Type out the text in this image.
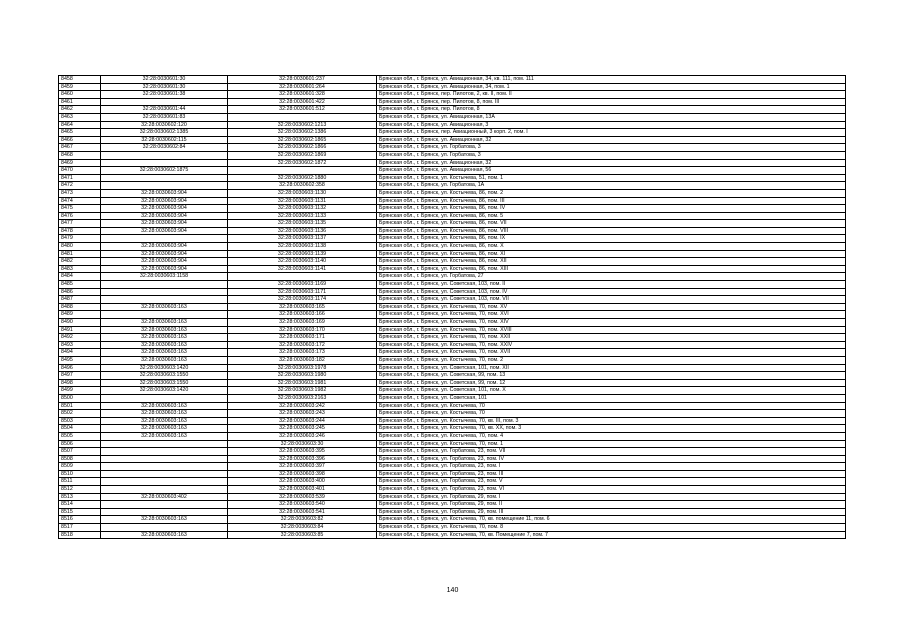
8458	32:28:0030601:30	32:28:0030601:237	Брянская обл., г. Брянск, ул. Авиационная, 34, кв. 111, пом. 111
8459	32:28:0030601:30	32:28:0030601:264	Брянская обл., г. Брянск, ул. Авиационная, 34, пом. 1
8460	32:28:0030601:38	32:28:0030601:328	Брянская обл., г. Брянск, пер. Пилотов, 2, кв. II, пом. II
8461		32:28:0030601:422	Брянская обл., г. Брянск, пер. Пилотов, 8, пом. III
8462	32:28:0030601:44	32:28:0030601:512	Брянская обл., г. Брянск, пер. Пилотов, 8
8463	32:28:0030601:83		Брянская обл., г. Брянск, ул. Авиационная, 13А
8464	32:28:0030602:120	32:28:0030602:1213	Брянская обл., г. Брянск, ул. Авиационная, 3
8465	32:28:0030602:1385	32:28:0030602:1386	Брянская обл., г. Брянск, пер. Авиационный, 3 корп. 2, пом. I
8466	32:28:0030602:115	32:28:0030602:1865	Брянская обл., г. Брянск, ул. Авиационная, 32
8467	32:28:0030602:84	32:28:0030602:1866	Брянская обл., г. Брянск, ул. Горбатова, 3
8468		32:28:0030602:1869	Брянская обл., г. Брянск, ул. Горбатова, 3
8469		32:28:0030602:1872	Брянская обл., г. Брянск, ул. Авиационная, 32
8470	32:28:0030602:1875		Брянская обл., г. Брянск, ул. Авиационная, 56
8471		32:28:0030602:1880	Брянская обл., г. Брянск, ул. Костычева, 51, пом. 1
8472		32:28:0030602:358	Брянская обл., г. Брянск, ул. Горбатова, 1А
8473	32:28:0030603:904	32:28:0030603:1130	Брянская обл., г. Брянск, ул. Костычева, 86, пом. 2
8474	32:28:0030603:904	32:28:0030603:1131	Брянская обл., г. Брянск, ул. Костычева, 86, пом. III
8475	32:28:0030603:904	32:28:0030603:1132	Брянская обл., г. Брянск, ул. Костычева, 86, пом. IV
8476	32:28:0030603:904	32:28:0030603:1133	Брянская обл., г. Брянск, ул. Костычева, 86, пом. 5
8477	32:28:0030603:904	32:28:0030603:1135	Брянская обл., г. Брянск, ул. Костычева, 86, пом. VII
8478	32:28:0030603:904	32:28:0030603:1136	Брянская обл., г. Брянск, ул. Костычева, 86, пом. VIII
8479		32:28:0030603:1137	Брянская обл., г. Брянск, ул. Костычева, 86, пом. IX
8480	32:28:0030603:904	32:28:0030603:1138	Брянская обл., г. Брянск, ул. Костычева, 86, пом. X
8481	32:28:0030603:904	32:28:0030603:1139	Брянская обл., г. Брянск, ул. Костычева, 86, пом. XI
8482	32:28:0030603:904	32:28:0030603:1140	Брянская обл., г. Брянск, ул. Костычева, 86, пом. XII
8483	32:28:0030603:904	32:28:0030603:1141	Брянская обл., г. Брянск, ул. Костычева, 86, пом. XIII
8484	32:28:0030603:1158		Брянская обл., г. Брянск, ул. Горбатова, 27
8485		32:28:0030603:1169	Брянская обл., г. Брянск, ул. Советская, 103, пом. II
8486		32:28:0030603:1171	Брянская обл., г. Брянск, ул. Советская, 103, пом. IV
8487		32:28:0030603:1174	Брянская обл., г. Брянск, ул. Советская, 103, пом. VII
8488	32:28:0030603:163	32:28:0030603:165	Брянская обл., г. Брянск, ул. Костычева, 70, пом. XV
8489		32:28:0030603:166	Брянская обл., г. Брянск, ул. Костычева, 70, пом. XVI
8490	32:28:0030603:163	32:28:0030603:169	Брянская обл., г. Брянск, ул. Костычева, 70, пом. XIV
8491	32:28:0030603:163	32:28:0030603:170	Брянская обл., г. Брянск, ул. Костычева, 70, пом. XVIII
8492	32:28:0030603:163	32:28:0030603:171	Брянская обл., г. Брянск, ул. Костычева, 70, пом. XXII
8493	32:28:0030603:163	32:28:0030603:172	Брянская обл., г. Брянск, ул. Костычева, 70, пом. XXIV
8494	32:28:0030603:163	32:28:0030603:173	Брянская обл., г. Брянск, ул. Костычева, 70, пом. XVII
8495	32:28:0030603:163	32:28:0030603:182	Брянская обл., г. Брянск, ул. Костычева, 70, пом. 2
8496	32:28:0030603:1420	32:28:0030603:1978	Брянская обл., г. Брянск, ул. Советская, 101, пом. XII
8497	32:28:0030603:1550	32:28:0030603:1980	Брянская обл., г. Брянск, ул. Советская, 99, пом. 13
8498	32:28:0030603:1550	32:28:0030603:1981	Брянская обл., г. Брянск, ул. Советская, 99, пом. 12
8499	32:28:0030603:1420	32:28:0030603:1982	Брянская обл., г. Брянск, ул. Советская, 101, пом. X
8500		32:28:0030603:2163	Брянская обл., г. Брянск, ул. Советская, 101
8501	32:28:0030603:163	32:28:0030603:242	Брянская обл., г. Брянск, ул. Костычева, 70
8502	32:28:0030603:163	32:28:0030603:243	Брянская обл., г. Брянск, ул. Костычева, 70
8503	32:28:0030603:163	32:28:0030603:244	Брянская обл., г. Брянск, ул. Костычева, 70, кв. III, пом. 3
8504	32:28:0030603:163	32:28:0030603:245	Брянская обл., г. Брянск, ул. Костычева, 70, кв. XX, пом. 3
8505	32:28:0030603:163	32:28:0030603:246	Брянская обл., г. Брянск, ул. Костычева, 70, пом. 4
8506		32:28:0030603:30	Брянская обл., г. Брянск, ул. Костычева, 70, пом. 1
8507		32:28:0030603:395	Брянская обл., г. Брянск, ул. Горбатова, 23, пом. VII
8508		32:28:0030603:396	Брянская обл., г. Брянск, ул. Горбатова, 23, пом. IV
8509		32:28:0030603:397	Брянская обл., г. Брянск, ул. Горбатова, 23, пом. I
8510		32:28:0030603:398	Брянская обл., г. Брянск, ул. Горбатова, 23, пом. III
8511		32:28:0030603:400	Брянская обл., г. Брянск, ул. Горбатова, 23, пом. V
8512		32:28:0030603:401	Брянская обл., г. Брянск, ул. Горбатова, 23, пом. VI
8513	32:28:0030603:402	32:28:0030603:539	Брянская обл., г. Брянск, ул. Горбатова, 29, пом. I
8514		32:28:0030603:540	Брянская обл., г. Брянск, ул. Горбатова, 29, пом. II
8515		32:28:0030603:541	Брянская обл., г. Брянск, ул. Горбатова, 29, пом. III
8516	32:28:0030603:163	32:28:0030603:82	Брянская обл., г. Брянск, ул. Костычева, 70, кв. помещение 11, пом. 6
8517		32:28:0030603:84	Брянская обл., г. Брянск, ул. Костычева, 70, пом. 8
8518	32:28:0030603:163	32:28:0030603:85	Брянская обл., г. Брянск, ул. Костычева, 70, кв. Помещение 7, пом. 7
140
